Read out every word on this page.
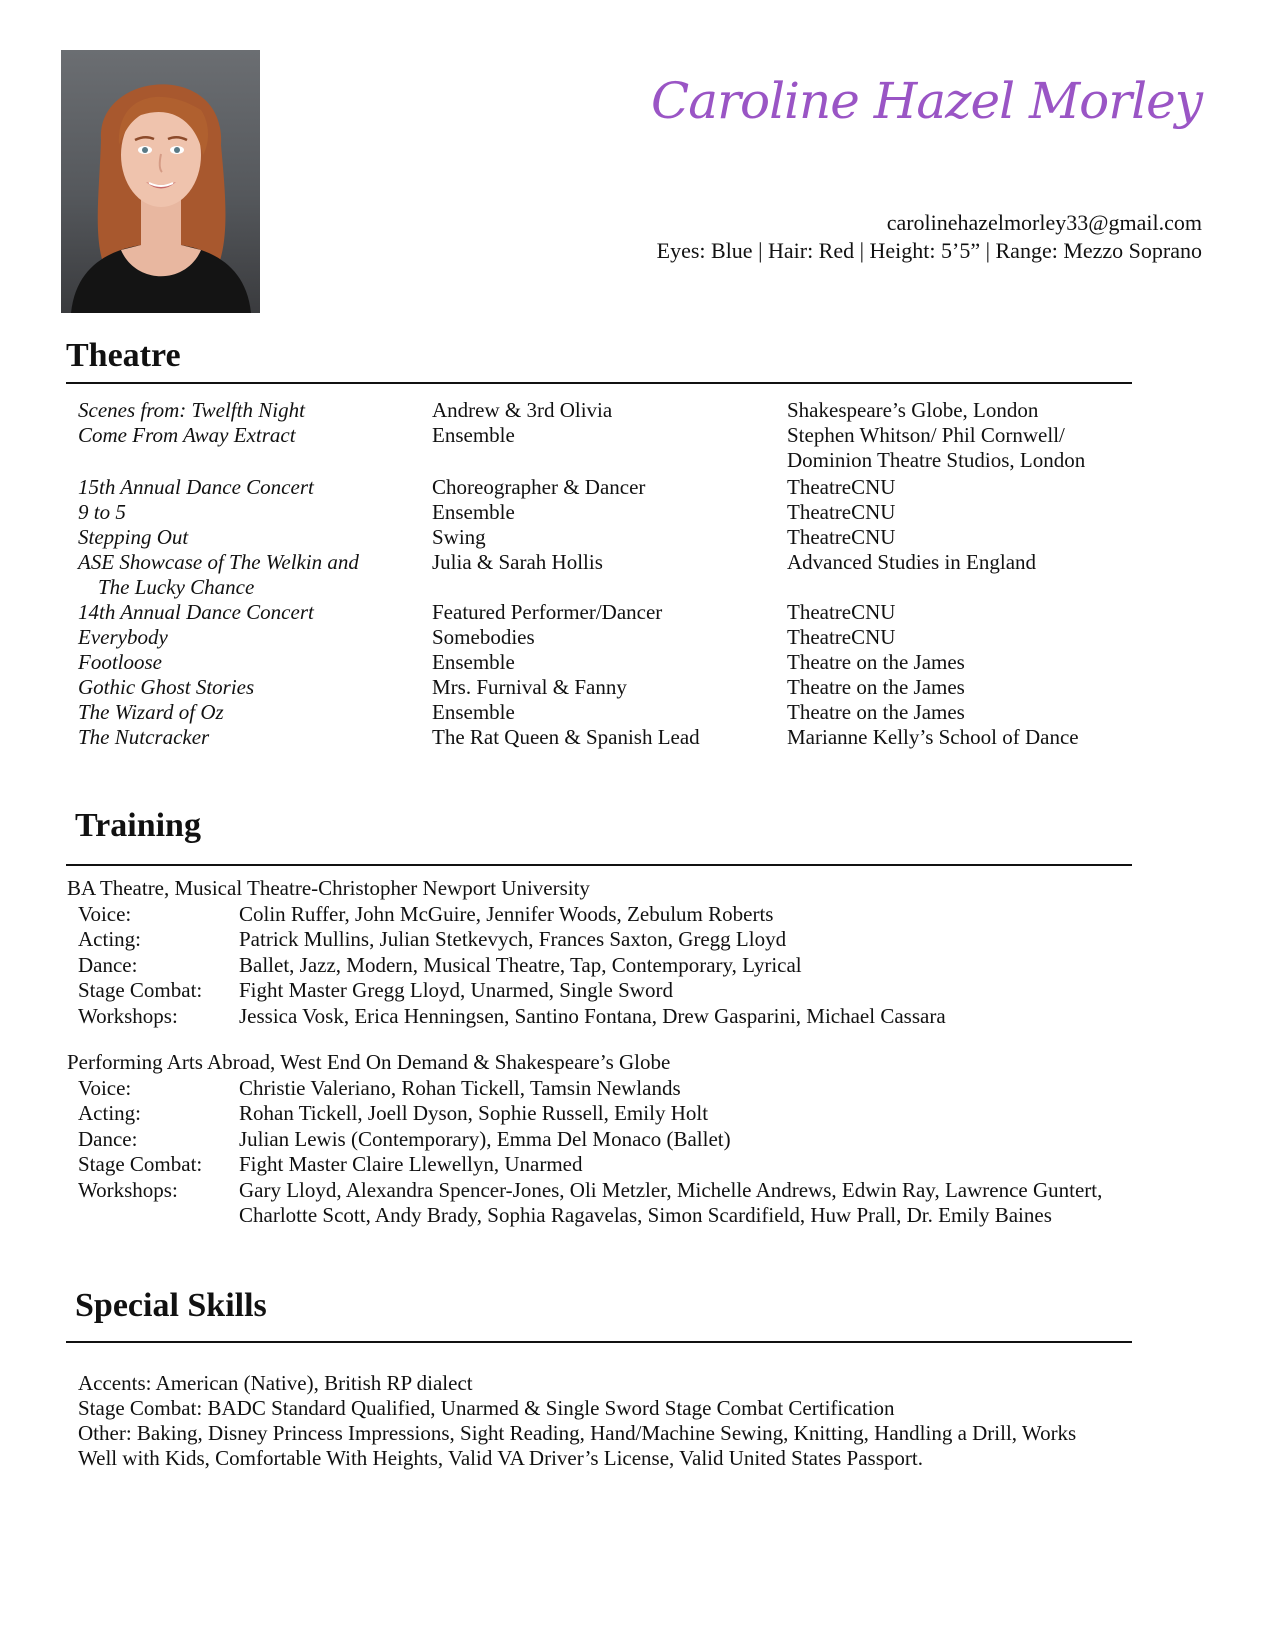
Caroline Hazel Morley
carolinehazelmorley33@gmail.com
Eyes: Blue | Hair: Red | Height: 5’5” | Range: Mezzo Soprano
Theatre
Scenes from: Twelfth Night	Andrew & 3rd Olivia	Shakespeare’s Globe, London
Come From Away Extract	Ensemble	Stephen Whitson/ Phil Cornwell/
Dominion Theatre Studios, London
15th Annual Dance Concert	Choreographer & Dancer	TheatreCNU
9 to 5	Ensemble	TheatreCNU
Stepping Out	Swing	TheatreCNU
ASE Showcase of The Welkin and	Julia & Sarah Hollis	Advanced Studies in England
The Lucky Chance
14th Annual Dance Concert	Featured Performer/Dancer	TheatreCNU
Everybody	Somebodies	TheatreCNU
Footloose	Ensemble	Theatre on the James
Gothic Ghost Stories	Mrs. Furnival & Fanny	Theatre on the James
The Wizard of Oz	Ensemble	Theatre on the James
The Nutcracker	The Rat Queen & Spanish Lead	Marianne Kelly’s School of Dance
Training
BA Theatre, Musical Theatre-Christopher Newport University
Voice:	Colin Ruffer, John McGuire, Jennifer Woods, Zebulum Roberts
Acting:	Patrick Mullins, Julian Stetkevych, Frances Saxton, Gregg Lloyd
Dance:	Ballet, Jazz, Modern, Musical Theatre, Tap, Contemporary, Lyrical
Stage Combat: Fight Master Gregg Lloyd, Unarmed, Single Sword
Workshops:	Jessica Vosk, Erica Henningsen, Santino Fontana, Drew Gasparini, Michael Cassara
Performing Arts Abroad, West End On Demand & Shakespeare’s Globe
Voice:	Christie Valeriano, Rohan Tickell, Tamsin Newlands
Acting:	Rohan Tickell, Joell Dyson, Sophie Russell, Emily Holt
Dance:	Julian Lewis (Contemporary), Emma Del Monaco (Ballet)
Stage Combat: Fight Master Claire Llewellyn, Unarmed
Workshops:	Gary Lloyd, Alexandra Spencer-Jones, Oli Metzler, Michelle Andrews, Edwin Ray, Lawrence Guntert,
Charlotte Scott, Andy Brady, Sophia Ragavelas, Simon Scardifield, Huw Prall, Dr. Emily Baines
Special Skills
Accents: American (Native), British RP dialect
Stage Combat: BADC Standard Qualified, Unarmed & Single Sword Stage Combat Certification
Other: Baking, Disney Princess Impressions, Sight Reading, Hand/Machine Sewing, Knitting, Handling a Drill, Works
Well with Kids, Comfortable With Heights, Valid VA Driver’s License, Valid United States Passport.
